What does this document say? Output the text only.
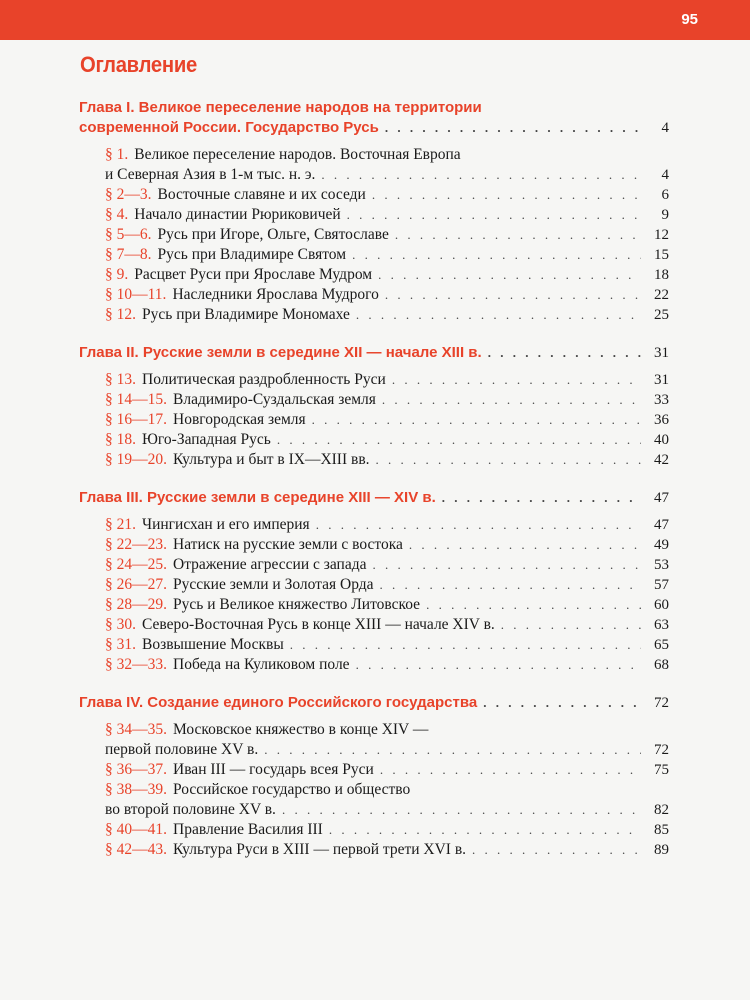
95
Оглавление
Глава I. Великое переселение народов на территории
современной России. Государство Русь . . .	4
§ 1. Великое переселение народов. Восточная Европа
и Северная Азия в 1-м тыс. н. э. . . .	4
§ 2—3. Восточные славяне и их соседи . . .	6
§ 4. Начало династии Рюриковичей . . .	9
§ 5—6. Русь при Игоре, Ольге, Святославе . . .	12
§ 7—8. Русь при Владимире Святом . . .	15
§ 9. Расцвет Руси при Ярославе Мудром . . .	18
§ 10—11. Наследники Ярослава Мудрого . . .	22
§ 12. Русь при Владимире Мономахе . . .	25
Глава II. Русские земли в середине XII — начале XIII в. . . .	31
§ 13. Политическая раздробленность Руси . . .	31
§ 14—15. Владимиро-Суздальская земля . . .	33
§ 16—17. Новгородская земля . . .	36
§ 18. Юго-Западная Русь . . .	40
§ 19—20. Культура и быт в IX—XIII вв. . . .	42
Глава III. Русские земли в середине XIII — XIV в. . . .	47
§ 21. Чингисхан и его империя . . .	47
§ 22—23. Натиск на русские земли с востока . . .	49
§ 24—25. Отражение агрессии с запада . . .	53
§ 26—27. Русские земли и Золотая Орда . . .	57
§ 28—29. Русь и Великое княжество Литовское . . .	60
§ 30. Северо-Восточная Русь в конце XIII — начале XIV в. . . .	63
§ 31. Возвышение Москвы . . .	65
§ 32—33. Победа на Куликовом поле . . .	68
Глава IV. Создание единого Российского государства . . .	72
§ 34—35. Московское княжество в конце XIV —
первой половине XV в. . . .	72
§ 36—37. Иван III — государь всея Руси . . .	75
§ 38—39. Российское государство и общество
во второй половине XV в. . . .	82
§ 40—41. Правление Василия III . . .	85
§ 42—43. Культура Руси в XIII — первой трети XVI в. . . .	89
